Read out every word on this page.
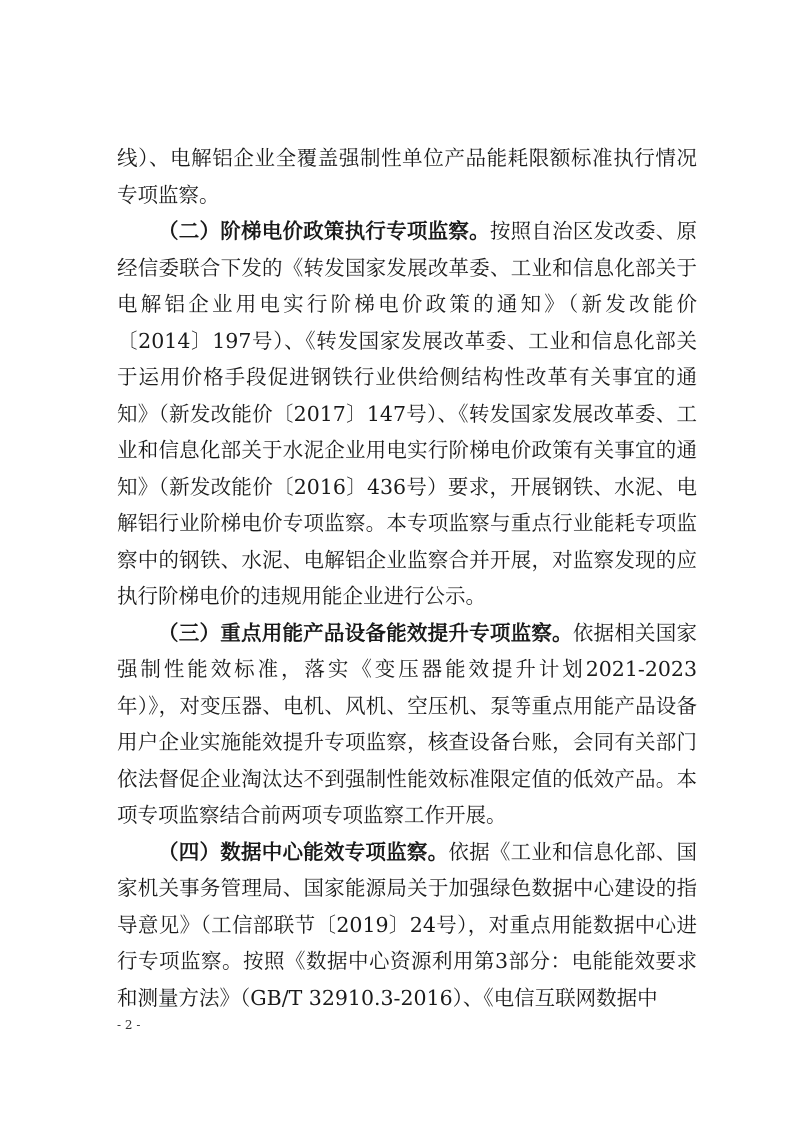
线）、电解铝企业全覆盖强制性单位产品能耗限额标准执行情况专项监察。

（二）阶梯电价政策执行专项监察。按照自治区发改委、原经信委联合下发的《转发国家发展改革委、工业和信息化部关于电解铝企业用电实行阶梯电价政策的通知》（新发改能价〔2014〕197号）、《转发国家发展改革委、工业和信息化部关于运用价格手段促进钢铁行业供给侧结构性改革有关事宜的通知》（新发改能价〔2017〕147号）、《转发国家发展改革委、工业和信息化部关于水泥企业用电实行阶梯电价政策有关事宜的通知》（新发改能价〔2016〕436号）要求，开展钢铁、水泥、电解铝行业阶梯电价专项监察。本专项监察与重点行业能耗专项监察中的钢铁、水泥、电解铝企业监察合并开展，对监察发现的应执行阶梯电价的违规用能企业进行公示。

（三）重点用能产品设备能效提升专项监察。依据相关国家强制性能效标准，落实《变压器能效提升计划2021-2023年）》，对变压器、电机、风机、空压机、泵等重点用能产品设备用户企业实施能效提升专项监察，核查设备台账，会同有关部门依法督促企业淘汰达不到强制性能效标准限定值的低效产品。本项专项监察结合前两项专项监察工作开展。

（四）数据中心能效专项监察。依据《工业和信息化部、国家机关事务管理局、国家能源局关于加强绿色数据中心建设的指导意见》（工信部联节〔2019〕24号），对重点用能数据中心进行专项监察。按照《数据中心资源利用第3部分：电能能效要求和测量方法》（GB/T 32910.3-2016）、《电信互联网数据中

- 2 -
